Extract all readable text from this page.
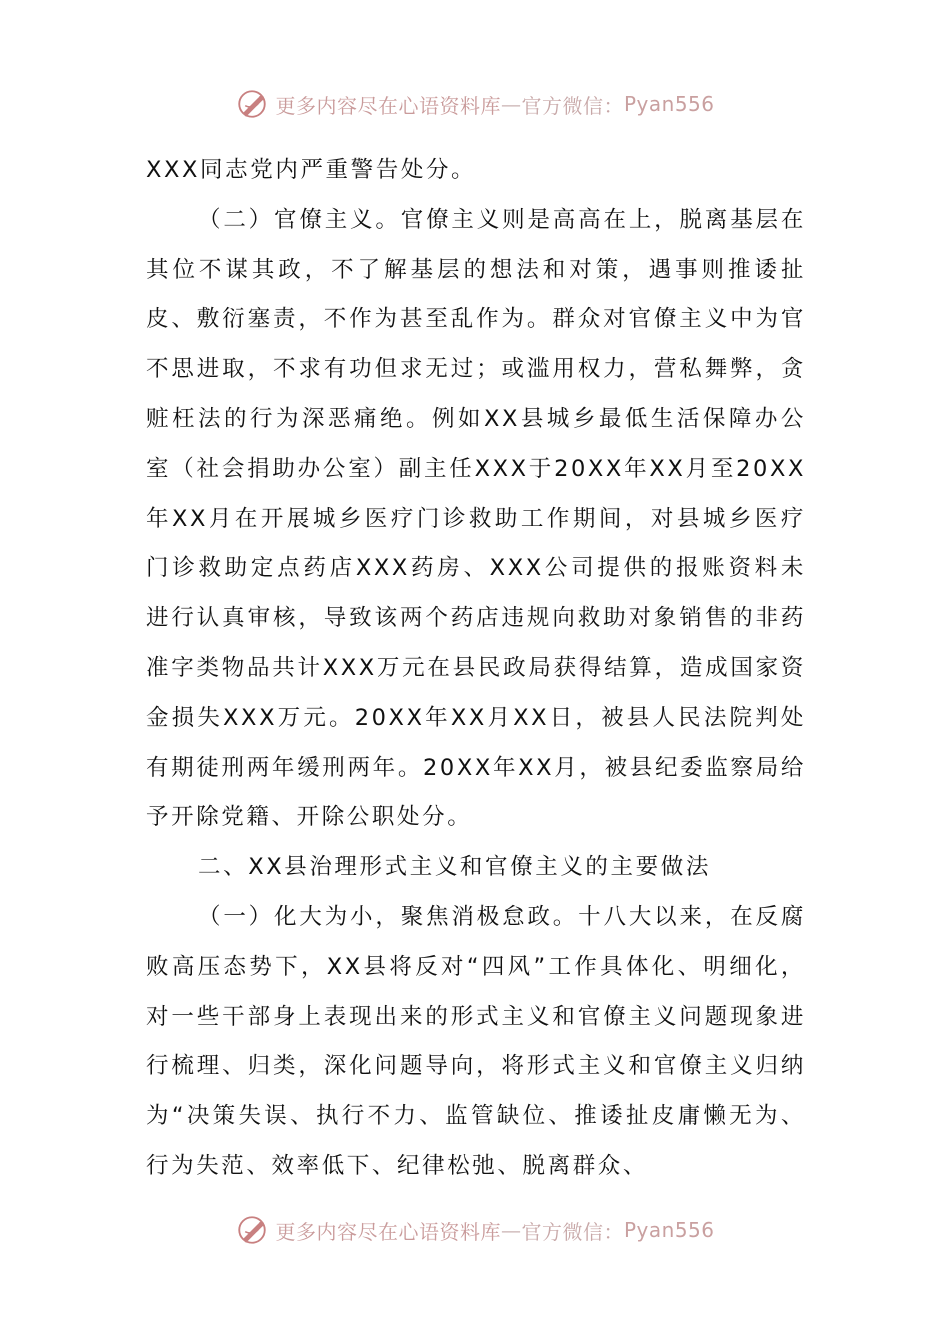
更多内容尽在心语资料库 — 官方微信： Pyan556

XXX同志党内严重警告处分。

（二）官僚主义。官僚主义则是高高在上，脱离基层在其位不谋其政，不了解基层的想法和对策，遇事则推诿扯皮、敷衍塞责，不作为甚至乱作为。群众对官僚主义中为官不思进取，不求有功但求无过；或滥用权力，营私舞弊，贪赃枉法的行为深恶痛绝。例如XX县城乡最低生活保障办公室（社会捐助办公室）副主任XXX于20XX年XX月至20XX年XX月在开展城乡医疗门诊救助工作期间，对县城乡医疗门诊救助定点药店XXX药房、XXX公司提供的报账资料未进行认真审核，导致该两个药店违规向救助对象销售的非药准字类物品共计XXX万元在县民政局获得结算，造成国家资金损失XXX万元。20XX年XX月XX日，被县人民法院判处有期徒刑两年缓刑两年。20XX年XX月，被县纪委监察局给予开除党籍、开除公职处分。

二、XX县治理形式主义和官僚主义的主要做法

（一）化大为小，聚焦消极怠政。十八大以来，在反腐败高压态势下，XX县将反对“四风”工作具体化、明细化，对一些干部身上表现出来的形式主义和官僚主义问题现象进行梳理、归类，深化问题导向，将形式主义和官僚主义归纳为“决策失误、执行不力、监管缺位、推诿扯皮庸懒无为、行为失范、效率低下、纪律松弛、脱离群众、

更多内容尽在心语资料库 — 官方微信： Pyan556
